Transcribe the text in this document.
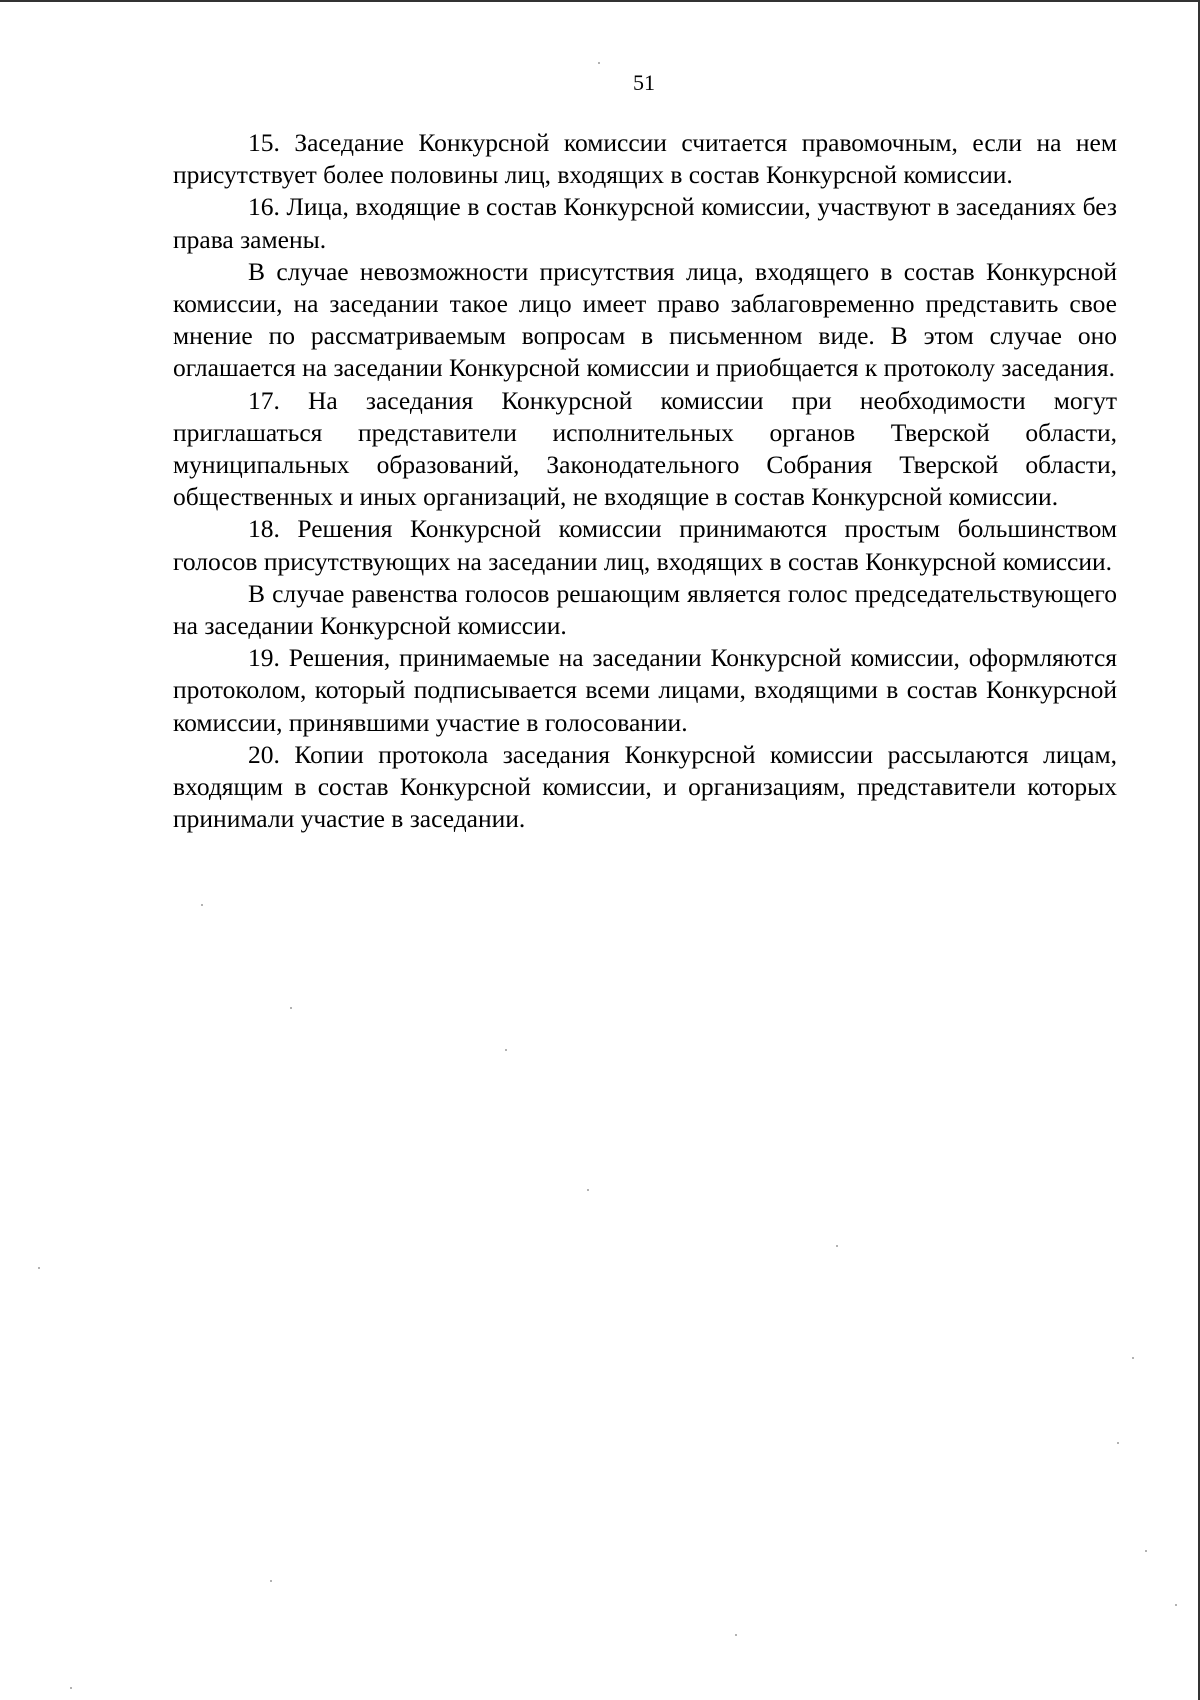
51

15. Заседание Конкурсной комиссии считается правомочным, если на нем присутствует более половины лиц, входящих в состав Конкурсной комиссии.

16. Лица, входящие в состав Конкурсной комиссии, участвуют в заседаниях без права замены.

В случае невозможности присутствия лица, входящего в состав Конкурсной комиссии, на заседании такое лицо имеет право заблаговременно представить свое мнение по рассматриваемым вопросам в письменном виде. В этом случае оно оглашается на заседании Конкурсной комиссии и приобщается к протоколу заседания.

17. На заседания Конкурсной комиссии при необходимости могут приглашаться представители исполнительных органов Тверской области, муниципальных образований, Законодательного Собрания Тверской области, общественных и иных организаций, не входящие в состав Конкурсной комиссии.

18. Решения Конкурсной комиссии принимаются простым большинством голосов присутствующих на заседании лиц, входящих в состав Конкурсной комиссии.

В случае равенства голосов решающим является голос председательствующего на заседании Конкурсной комиссии.

19. Решения, принимаемые на заседании Конкурсной комиссии, оформляются протоколом, который подписывается всеми лицами, входящими в состав Конкурсной комиссии, принявшими участие в голосовании.

20. Копии протокола заседания Конкурсной комиссии рассылаются лицам, входящим в состав Конкурсной комиссии, и организациям, представители которых принимали участие в заседании.
